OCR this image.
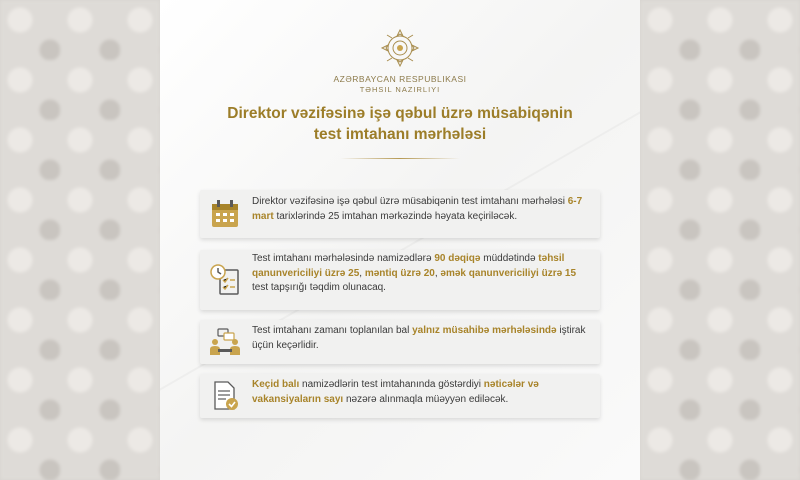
AZƏRBAYCAN RESPUBLIKASI
TƏHSIL NAZIRLIYI
Direktor vəzifəsinə işə qəbul üzrə müsabiqənin
test imtahanı mərhələsi
Direktor vəzifəsinə işə qəbul üzrə müsabiqənin test imtahanı mərhələsi 6-7 mart tarixlərində 25 imtahan mərkəzində həyata keçiriləcək.
Test imtahanı mərhələsində namizədlərə 90 dəqiqə müddətində təhsil qanunvericiliyi üzrə 25, məntiq üzrə 20, əmək qanunvericiliyi üzrə 15 test tapşırığı təqdim olunacaq.
Test imtahanı zamanı toplanılan bal yalnız müsahibə mərhələsində iştirak üçün keçərlidir.
Keçid balı namizədlərin test imtahanında göstərdiyi nəticələr və vakansiyaların sayı nəzərə alınmaqla müəyyən ediləcək.
